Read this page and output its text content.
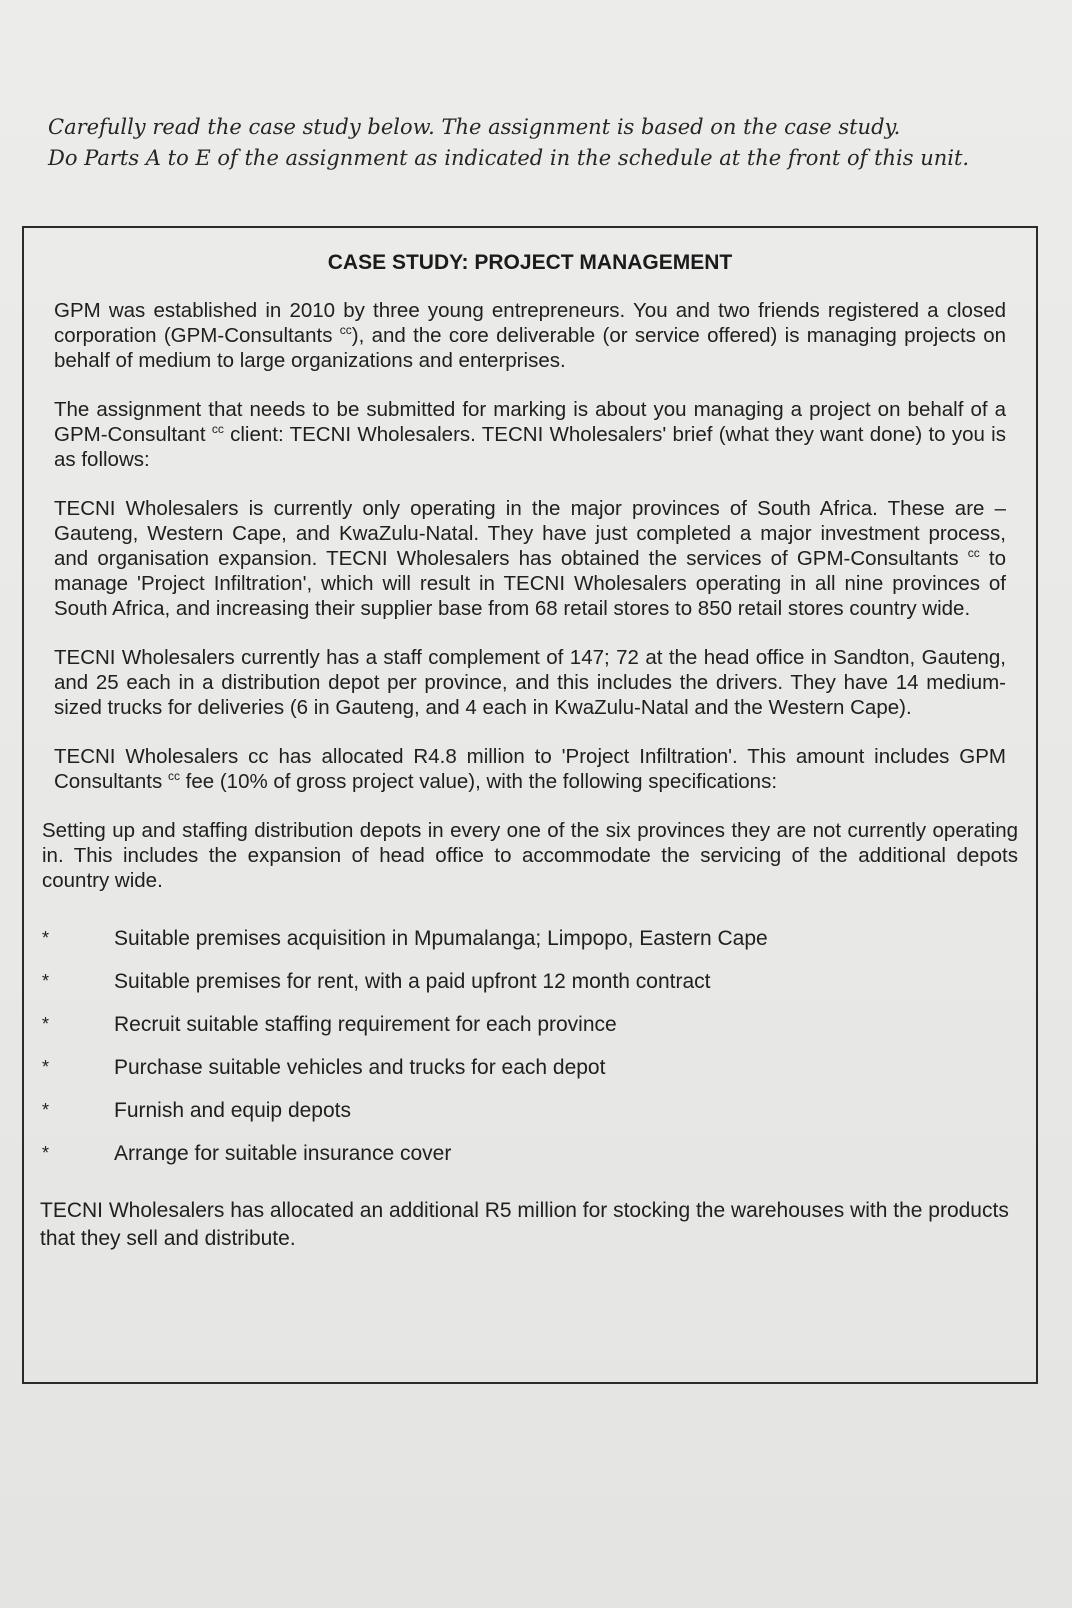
Carefully read the case study below. The assignment is based on the case study.

Do Parts A to E of the assignment as indicated in the schedule at the front of this unit.

CASE STUDY: PROJECT MANAGEMENT

GPM was established in 2010 by three young entrepreneurs. You and two friends registered a closed corporation (GPM-Consultants $^{cc}$), and the core deliverable (or service offered) is managing projects on behalf of medium to large organizations and enterprises.

The assignment that needs to be submitted for marking is about you managing a project on behalf of a GPM-Consultant $^{cc}$ client: TECNI Wholesalers. TECNI Wholesalers' brief (what they want done) to you is as follows:

TECNI Wholesalers is currently only operating in the major provinces of South Africa. These are – Gauteng, Western Cape, and KwaZulu-Natal. They have just completed a major investment process, and organisation expansion. TECNI Wholesalers has obtained the services of GPM-Consultants $^{cc}$ to manage 'Project Infiltration', which will result in TECNI Wholesalers operating in all nine provinces of South Africa, and increasing their supplier base from 68 retail stores to 850 retail stores country wide.

TECNI Wholesalers currently has a staff complement of 147; 72 at the head office in Sandton, Gauteng, and 25 each in a distribution depot per province, and this includes the drivers. They have 14 medium-sized trucks for deliveries (6 in Gauteng, and 4 each in KwaZulu-Natal and the Western Cape).

TECNI Wholesalers cc has allocated R4.8 million to 'Project Infiltration'. This amount includes GPM Consultants $^{cc}$ fee (10% of gross project value), with the following specifications:

Setting up and staffing distribution depots in every one of the six provinces they are not currently operating in. This includes the expansion of head office to accommodate the servicing of the additional depots country wide.

*	Suitable premises acquisition in Mpumalanga; Limpopo, Eastern Cape
*	Suitable premises for rent, with a paid upfront 12 month contract
*	Recruit suitable staffing requirement for each province
*	Purchase suitable vehicles and trucks for each depot
*	Furnish and equip depots
*	Arrange for suitable insurance cover

TECNI Wholesalers has allocated an additional R5 million for stocking the warehouses with the products that they sell and distribute.
